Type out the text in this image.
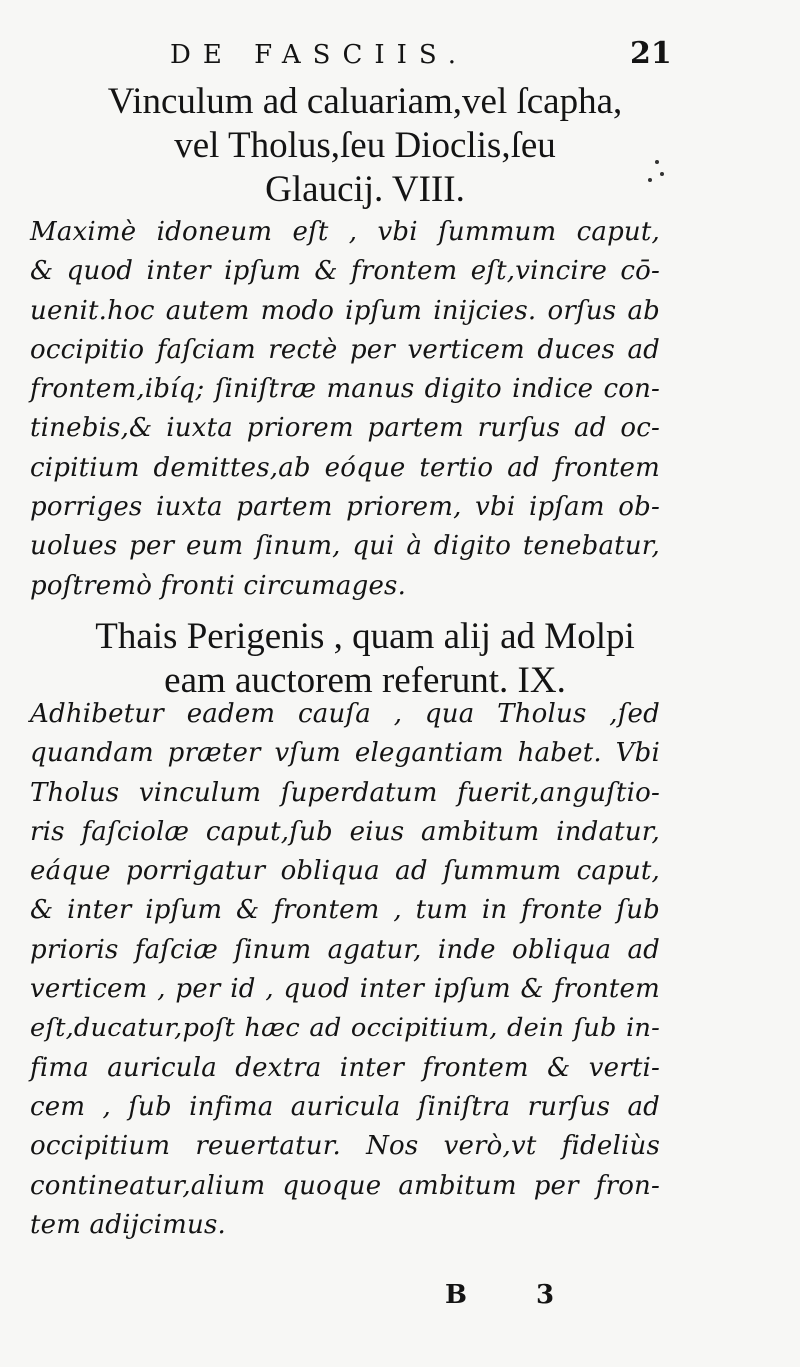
DE FASCIIS.	21
Vinculum ad caluariam,vel ſcapha,
vel Tholus,ſeu Dioclis,ſeu
Glaucij. VIII.
Maximè idoneum eſt , vbi ſummum caput,
& quod inter ipſum & frontem eſt,vincire cō-
uenit.hoc autem modo ipſum inijcies. orſus ab
occipitio faſciam rectè per verticem duces ad
frontem,ibíq; ſiniſtræ manus digito indice con-
tinebis,& iuxta priorem partem rurſus ad oc-
cipitium demittes,ab eóque tertio ad frontem
porriges iuxta partem priorem, vbi ipſam ob-
uolues per eum ſinum, qui à digito tenebatur,
poſtremò fronti circumages.
Thais Perigenis , quam alij ad Molpi
eam auctorem referunt. IX.
Adhibetur eadem cauſa , qua Tholus ,ſed
quandam præter vſum elegantiam habet. Vbi
Tholus vinculum ſuperdatum fuerit,anguſtio-
ris faſciolæ caput,ſub eius ambitum indatur,
eáque porrigatur obliqua ad ſummum caput,
& inter ipſum & frontem , tum in fronte ſub
prioris faſciæ ſinum agatur, inde obliqua ad
verticem , per id , quod inter ipſum & frontem
eſt,ducatur,poſt hæc ad occipitium, dein ſub in-
fima auricula dextra inter frontem & verti-
cem , ſub infima auricula ſiniſtra rurſus ad
occipitium reuertatur. Nos verò,vt fideliùs
contineatur,alium quoque ambitum per fron-
tem adijcimus.
B 3
